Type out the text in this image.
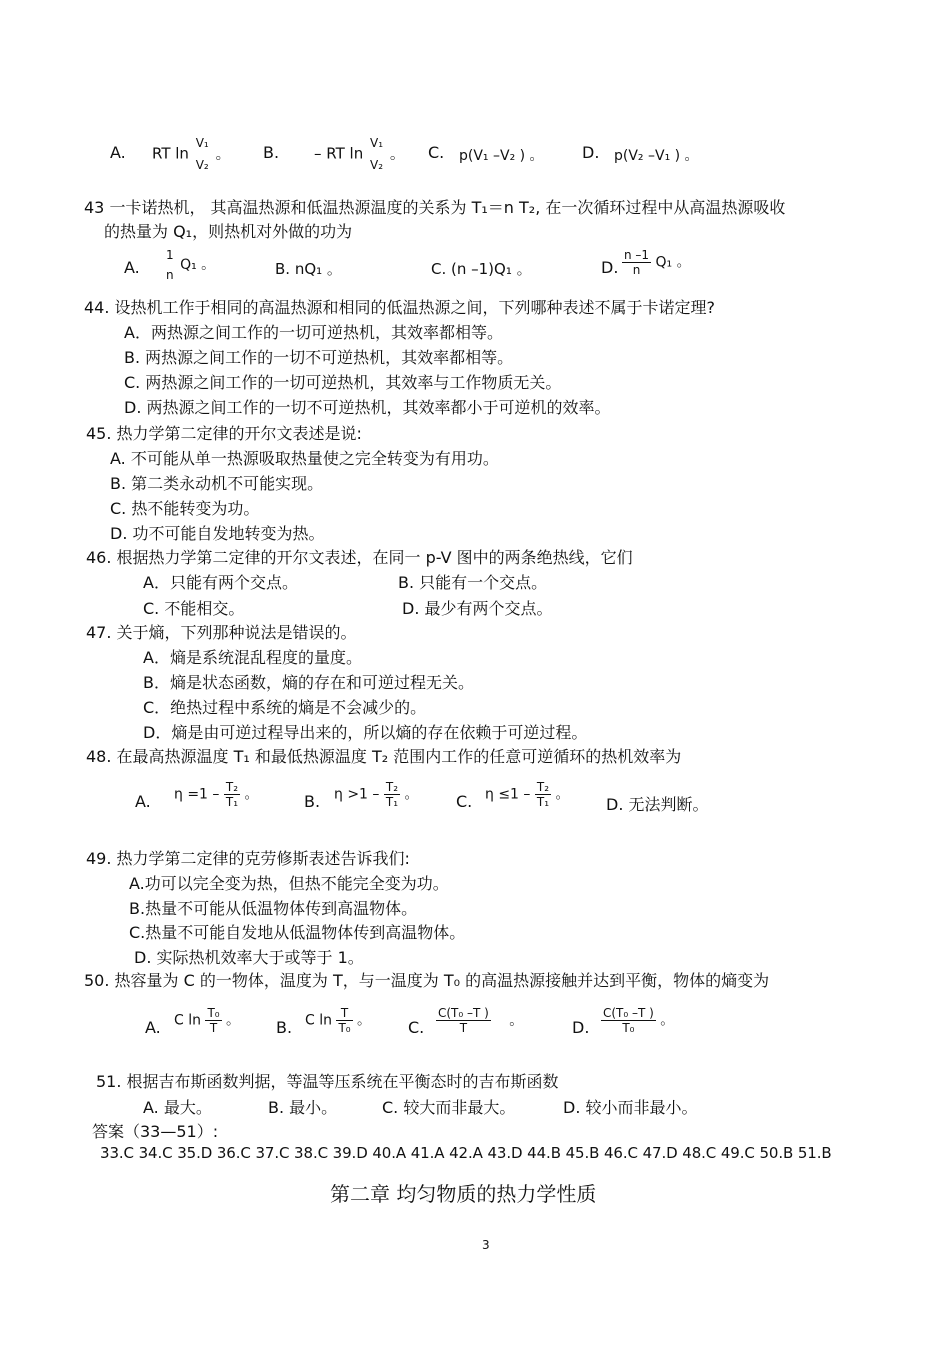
A. RT ln
V₁
V₂
。 B. – RT ln
V₁
V₂
。 C. p(V₁ –V₂ ) 。 D. p(V₂ –V₁ ) 。
43 一卡诺热机， 其高温热源和低温热源温度的关系为 T₁＝n T₂, 在一次循环过程中从高温热源吸收
的热量为 Q₁，则热机对外做的功为
A.
1
n
Q₁ 。	B. nQ₁ 。	C. (n –1)Q₁ 。	D. $\frac{n -1}{n} Q_1$ 。
44. 设热机工作于相同的高温热源和相同的低温热源之间，下列哪种表述不属于卡诺定理?
A．两热源之间工作的一切可逆热机，其效率都相等。
B. 两热源之间工作的一切不可逆热机，其效率都相等。
C. 两热源之间工作的一切可逆热机，其效率与工作物质无关。
D. 两热源之间工作的一切不可逆热机，其效率都小于可逆机的效率。
45. 热力学第二定律的开尔文表述是说:
A. 不可能从单一热源吸取热量使之完全转变为有用功。
B. 第二类永动机不可能实现。
C. 热不能转变为功。
D. 功不可能自发地转变为热。
46. 根据热力学第二定律的开尔文表述，在同一 p-V 图中的两条绝热线，它们
A．只能有两个交点。	B. 只能有一个交点。
C. 不能相交。	D. 最少有两个交点。
47. 关于熵，下列那种说法是错误的。
A．熵是系统混乱程度的量度。
B．熵是状态函数，熵的存在和可逆过程无关。
C．绝热过程中系统的熵是不会减少的。
D．熵是由可逆过程导出来的，所以熵的存在依赖于可逆过程。
48. 在最高热源温度 T₁ 和最低热源温度 T₂ 范围内工作的任意可逆循环的热机效率为
A. $\eta =1 - \frac{\text{T₂}}{\text{T₁}}$ 。	B. $\eta >1 - \frac{\text{T₂}}{\text{T₁}}$ 。 C. $\eta \le 1 - \frac{\text{T₂}}{\text{T₁}}$ 。
D. 无法判断。
49. 热力学第二定律的克劳修斯表述告诉我们:
A.功可以完全变为热，但热不能完全变为功。
B.热量不可能从低温物体传到高温物体。
C.热量不可能自发地从低温物体传到高温物体。
D. 实际热机效率大于或等于 1。
50. 热容量为 C 的一物体，温度为 T，与一温度为 T₀ 的高温热源接触并达到平衡，物体的熵变为
A. C $\ln \frac{\text{T₀}}{T}$ 。 B. C $\ln \frac{T}{\text{T₀}}$ 。 C. $\frac{\text{C(T₀ –T )}}{T}$ 。	D. $\frac{\text{C(T₀ –T )}}{\text{T₀}}$ 。
51. 根据吉布斯函数判据，等温等压系统在平衡态时的吉布斯函数
A. 最大。	B. 最小。	C. 较大而非最大。	D. 较小而非最小。
答案（33—51）:
33.C 34.C 35.D 36.C 37.C 38.C 39.D 40.A 41.A 42.A 43.D 44.B 45.B 46.C 47.D 48.C 49.C 50.B 51.B
第二章 均匀物质的热力学性质
3
